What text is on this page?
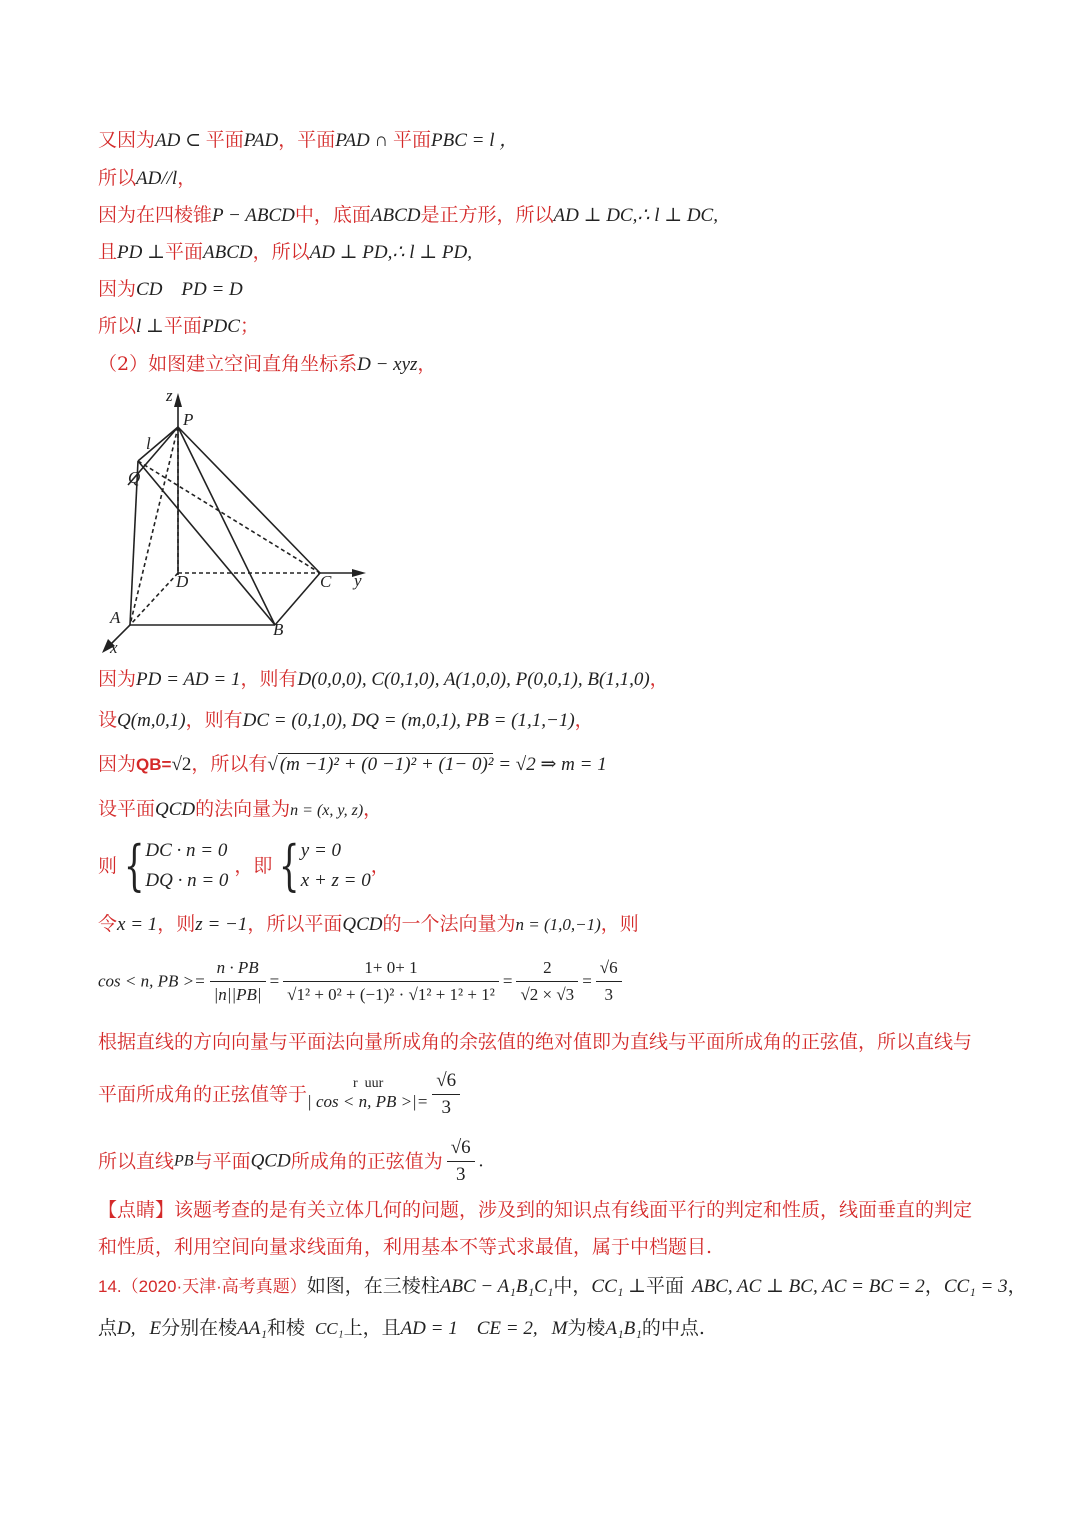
又因为AD ⊂ 平面PAD，平面PAD ∩ 平面PBC = l ，
所以AD//l，
因为在四棱锥P − ABCD中，底面ABCD是正方形，所以AD ⊥ DC,∴ l ⊥ DC,
且PD ⊥平面ABCD，所以AD ⊥ PD,∴ l ⊥ PD,
因为CD    PD = D
所以l ⊥平面PDC；
（2）如图建立空间直角坐标系D − xyz，
z
P
l
Q
D	C y
A
B
x
因为PD = AD = 1，则有D(0,0,0), C(0,1,0), A(1,0,0), P(0,0,1), B(1,1,0)，
设Q(m,0,1)，则有DC = (0,1,0), DQ = (m,0,1), PB = (1,1,−1)，
因为QB=√2，所以有√ (m −1)² + (0 −1)² + (1− 0)² = √2 ⇒ m = 1
设平面QCD的法向量为n = (x, y, z)，
则 { DC · n = 0
DQ · n = 0
，即 { y = 0
x + z = 0
，
令x = 1，则z = −1，所以平面QCD的一个法向量为n = (1,0,−1)，则
cos < n, PB >= $\frac{n \cdot PB}{|n||PB|} = \frac{1+ 0+ 1}{\text{√1² + 0² + (−1)² · √1² + 1² + 1²}} = \frac{2}{√2 \times √3} = \frac{√6}{3}$
根据直线的方向向量与平面法向量所成角的余弦值的绝对值即为直线与平面所成角的正弦值，所以直线与
平面所成角的正弦值等于
r  uur
| cos < n, PB >|= $\frac{√6}{3}$
所以直线PB与平面QCD所成角的正弦值为 $\frac{√6}{3}$ .
【点睛】该题考查的是有关立体几何的问题，涉及到的知识点有线面平行的判定和性质，线面垂直的判定
和性质，利用空间向量求线面角，利用基本不等式求最值，属于中档题目.
14.（2020·天津·高考真题）如图，在三棱柱ABC − A₁B₁C₁中，CC₁ ⊥平面 ABC, AC ⊥ BC, AC = BC = 2，CC₁ = 3，
点D, E分别在棱AA₁和棱 CC₁上，且AD = 1    CE = 2, M为棱A₁B₁的中点.
